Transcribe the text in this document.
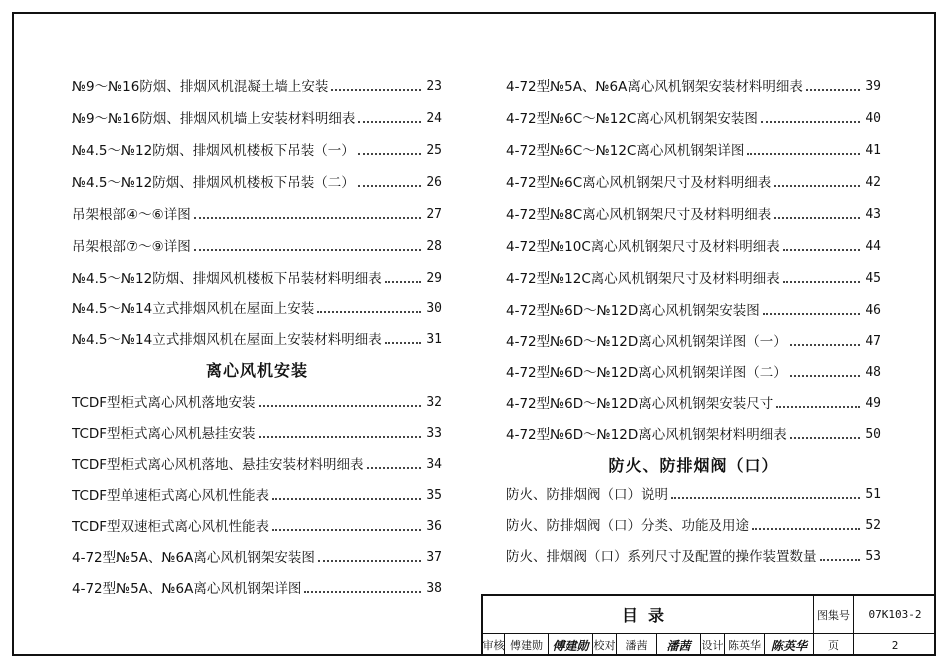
№9～№16防烟、排烟风机混凝土墙上安装	23
№9～№16防烟、排烟风机墙上安装材料明细表	24
№4.5～№12防烟、排烟风机楼板下吊装（一）	25
№4.5～№12防烟、排烟风机楼板下吊装（二）	26
吊架根部④～⑥详图	27
吊架根部⑦～⑨详图	28
№4.5～№12防烟、排烟风机楼板下吊装材料明细表	29
№4.5～№14立式排烟风机在屋面上安装	30
№4.5～№14立式排烟风机在屋面上安装材料明细表	31
离心风机安装
TCDF型柜式离心风机落地安装	32
TCDF型柜式离心风机悬挂安装	33
TCDF型柜式离心风机落地、悬挂安装材料明细表	34
TCDF型单速柜式离心风机性能表	35
TCDF型双速柜式离心风机性能表	36
4-72型№5A、№6A离心风机钢架安装图	37
4-72型№5A、№6A离心风机钢架详图	38
4-72型№5A、№6A离心风机钢架安装材料明细表	39
4-72型№6C～№12C离心风机钢架安装图	40
4-72型№6C～№12C离心风机钢架详图	41
4-72型№6C离心风机钢架尺寸及材料明细表	42
4-72型№8C离心风机钢架尺寸及材料明细表	43
4-72型№10C离心风机钢架尺寸及材料明细表	44
4-72型№12C离心风机钢架尺寸及材料明细表	45
4-72型№6D～№12D离心风机钢架安装图	46
4-72型№6D～№12D离心风机钢架详图（一）	47
4-72型№6D～№12D离心风机钢架详图（二）	48
4-72型№6D～№12D离心风机钢架安装尺寸	49
4-72型№6D～№12D离心风机钢架材料明细表	50
防火、防排烟阀（口）
防火、防排烟阀（口）说明	51
防火、防排烟阀（口）分类、功能及用途	52
防火、排烟阀（口）系列尺寸及配置的操作装置数量	53
目录	图集号	07K103-2
审核 傅建勋 傅建勋 校对 潘茜	潘茜	设计 陈英华 陈英华	页	2
